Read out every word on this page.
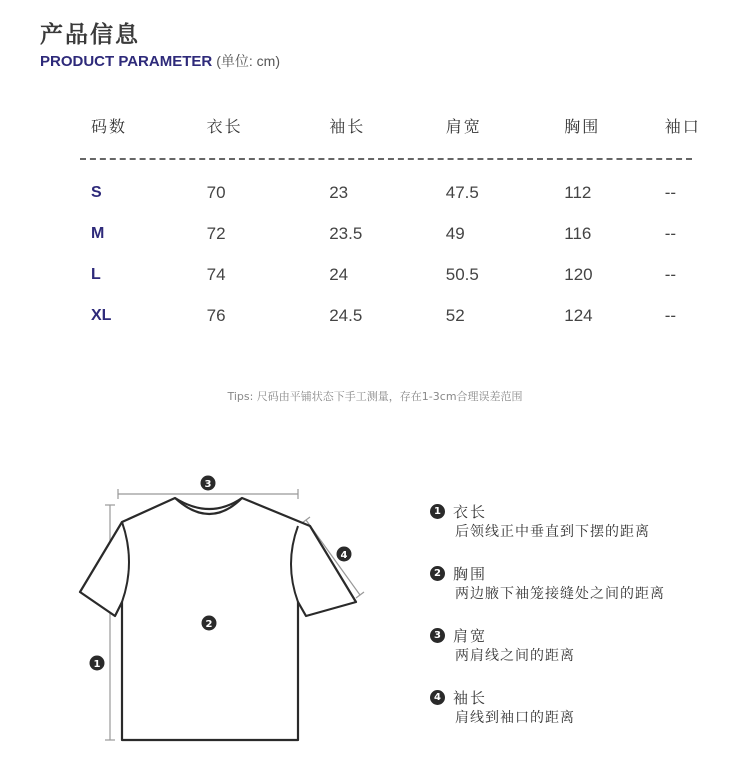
产品信息
PRODUCT PARAMETER (单位: cm)
码数	衣长	袖长	肩宽	胸围	袖口

S	70	23	47.5	112	--
M	72	23.5	49	116	--
L	74	24	50.5	120	--
XL	76	24.5	52	124	--
Tips: 尺码由平铺状态下手工测量，存在1-3cm合理误差范围
3
1
2
4
1 衣长
后领线正中垂直到下摆的距离
2 胸围
两边腋下袖笼接缝处之间的距离
3 肩宽
两肩线之间的距离
4 袖长
肩线到袖口的距离
